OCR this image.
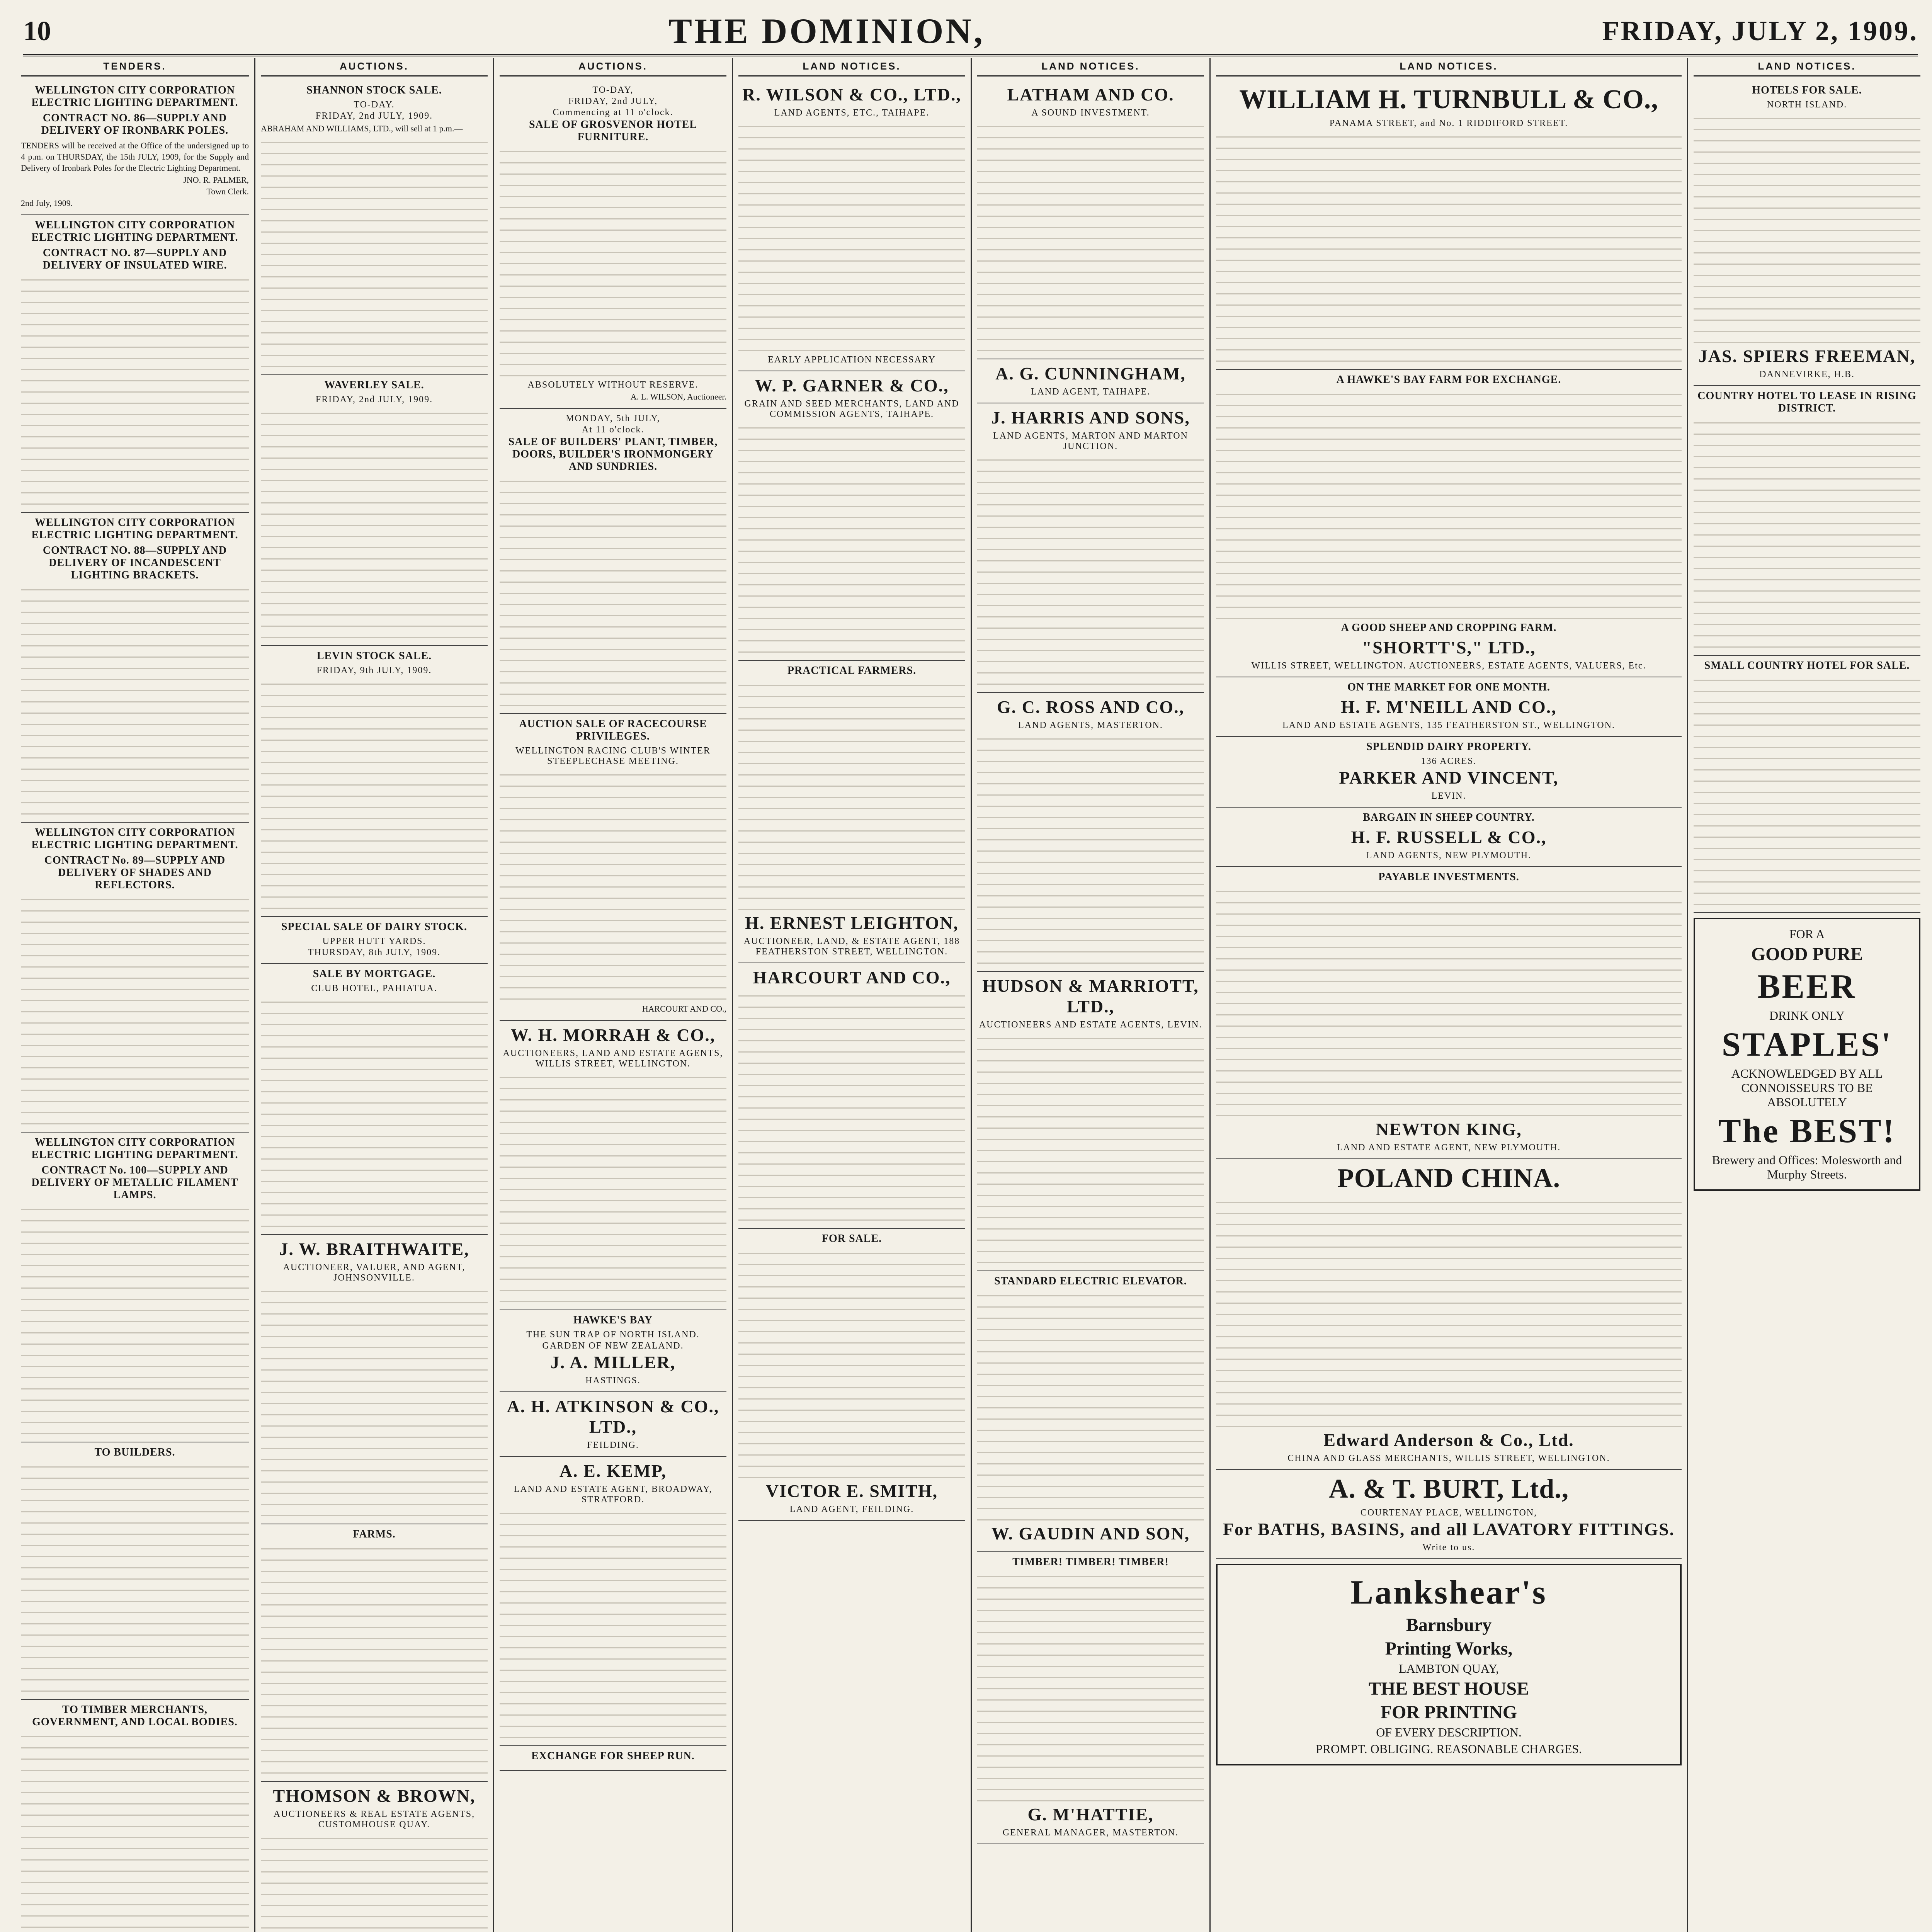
10	THE DOMINION,	FRIDAY, JULY 2, 1909.
TENDERS.
WELLINGTON CITY CORPORATION ELECTRIC LIGHTING DEPARTMENT.
CONTRACT NO. 86—SUPPLY AND DELIVERY OF IRONBARK POLES.

TENDERS will be received at the Office of the undersigned up to 4 p.m. on THURSDAY, the 15th JULY, 1909, for the Supply and Delivery of Ironbark Poles for the Electric Lighting Department.

JNO. R. PALMER,
Town Clerk.
2nd July, 1909.
WELLINGTON CITY CORPORATION ELECTRIC LIGHTING DEPARTMENT.
CONTRACT NO. 87—SUPPLY AND DELIVERY OF INSULATED WIRE.
WELLINGTON CITY CORPORATION ELECTRIC LIGHTING DEPARTMENT.
CONTRACT NO. 88—SUPPLY AND DELIVERY OF INCANDESCENT LIGHTING BRACKETS.
WELLINGTON CITY CORPORATION ELECTRIC LIGHTING DEPARTMENT.
CONTRACT No. 89—SUPPLY AND DELIVERY OF SHADES AND REFLECTORS.
WELLINGTON CITY CORPORATION ELECTRIC LIGHTING DEPARTMENT.
CONTRACT No. 100—SUPPLY AND DELIVERY OF METALLIC FILAMENT LAMPS.
TO BUILDERS.
TO TIMBER MERCHANTS, GOVERNMENT, AND LOCAL BODIES.
AUCTIONS.
SHANNON STOCK SALE.
TO-DAY.
FRIDAY, 2nd JULY, 1909.

ABRAHAM AND WILLIAMS, LTD., will sell at 1 p.m.—

WAVERLEY SALE.
FRIDAY, 2nd JULY, 1909.
LEVIN STOCK SALE.
FRIDAY, 9th JULY, 1909.
SPECIAL SALE OF DAIRY STOCK.
UPPER HUTT YARDS.
THURSDAY, 8th JULY, 1909.
SALE BY MORTGAGE.
CLUB HOTEL, PAHIATUA.
J. W. BRAITHWAITE,
AUCTIONEER, VALUER, AND AGENT, JOHNSONVILLE.
FARMS.
THOMSON & BROWN,
AUCTIONEERS & REAL ESTATE AGENTS, CUSTOMHOUSE QUAY.
AUCTIONS.
TO-DAY,
FRIDAY, 2nd JULY,
Commencing at 11 o'clock.
SALE OF GROSVENOR HOTEL FURNITURE.
ABSOLUTELY WITHOUT RESERVE.
A. L. WILSON, Auctioneer.
MONDAY, 5th JULY,
At 11 o'clock.
SALE OF BUILDERS' PLANT, TIMBER, DOORS, BUILDER'S IRONMONGERY AND SUNDRIES.
AUCTION SALE OF RACECOURSE PRIVILEGES.
WELLINGTON RACING CLUB'S WINTER STEEPLECHASE MEETING.
HARCOURT AND CO.,
W. H. MORRAH & CO.,
AUCTIONEERS, LAND AND ESTATE AGENTS, WILLIS STREET, WELLINGTON.
HAWKE'S BAY
THE SUN TRAP OF NORTH ISLAND.
GARDEN OF NEW ZEALAND.
J. A. MILLER,
HASTINGS.
A. H. ATKINSON & CO., LTD.,
FEILDING.
A. E. KEMP,
LAND AND ESTATE AGENT, BROADWAY, STRATFORD.
EXCHANGE FOR SHEEP RUN.
LAND NOTICES.
R. WILSON & CO., LTD.,
LAND AGENTS, ETC., TAIHAPE.
EARLY APPLICATION NECESSARY
W. P. GARNER & CO.,
GRAIN AND SEED MERCHANTS, LAND AND COMMISSION AGENTS, TAIHAPE.
PRACTICAL FARMERS.
H. ERNEST LEIGHTON,
AUCTIONEER, LAND, & ESTATE AGENT, 188 FEATHERSTON STREET, WELLINGTON.
HARCOURT AND CO.,
FOR SALE.
VICTOR E. SMITH,
LAND AGENT, FEILDING.
LAND NOTICES.
LATHAM AND CO.
A SOUND INVESTMENT.
A. G. CUNNINGHAM,
LAND AGENT, TAIHAPE.
J. HARRIS AND SONS,
LAND AGENTS, MARTON AND MARTON JUNCTION.
G. C. ROSS AND CO.,
LAND AGENTS, MASTERTON.
HUDSON & MARRIOTT, LTD.,
AUCTIONEERS AND ESTATE AGENTS, LEVIN.
STANDARD ELECTRIC ELEVATOR.
W. GAUDIN AND SON,
TIMBER! TIMBER! TIMBER!
G. M'HATTIE,
GENERAL MANAGER, MASTERTON.
LAND NOTICES.
WILLIAM H. TURNBULL & CO.,
PANAMA STREET, and No. 1 RIDDIFORD STREET.
A HAWKE'S BAY FARM FOR EXCHANGE.
A GOOD SHEEP AND CROPPING FARM.
"SHORTT'S," LTD.,
WILLIS STREET, WELLINGTON. AUCTIONEERS, ESTATE AGENTS, VALUERS, Etc.
ON THE MARKET FOR ONE MONTH.
H. F. M'NEILL AND CO.,
LAND AND ESTATE AGENTS, 135 FEATHERSTON ST., WELLINGTON.
SPLENDID DAIRY PROPERTY.
136 ACRES.
PARKER AND VINCENT,
LEVIN.
BARGAIN IN SHEEP COUNTRY.
H. F. RUSSELL & CO.,
LAND AGENTS, NEW PLYMOUTH.
PAYABLE INVESTMENTS.
NEWTON KING,
LAND AND ESTATE AGENT, NEW PLYMOUTH.
POLAND CHINA.
Edward Anderson & Co., Ltd.
CHINA AND GLASS MERCHANTS, WILLIS STREET, WELLINGTON.
A. & T. BURT, Ltd.,
COURTENAY PLACE, WELLINGTON,
For BATHS, BASINS, and all LAVATORY FITTINGS.
Write to us.
Lankshear's
Barnsbury
Printing Works,
LAMBTON QUAY,
THE BEST HOUSE
FOR PRINTING
OF EVERY DESCRIPTION.
PROMPT. OBLIGING. REASONABLE CHARGES.
LAND NOTICES.
HOTELS FOR SALE.
NORTH ISLAND.
JAS. SPIERS FREEMAN,
DANNEVIRKE, H.B.
COUNTRY HOTEL TO LEASE IN RISING DISTRICT.
SMALL COUNTRY HOTEL FOR SALE.
FOR A
GOOD PURE
BEER
DRINK ONLY
STAPLES'
ACKNOWLEDGED BY ALL CONNOISSEURS TO BE ABSOLUTELY
The BEST!
Brewery and Offices: Molesworth and Murphy Streets.
